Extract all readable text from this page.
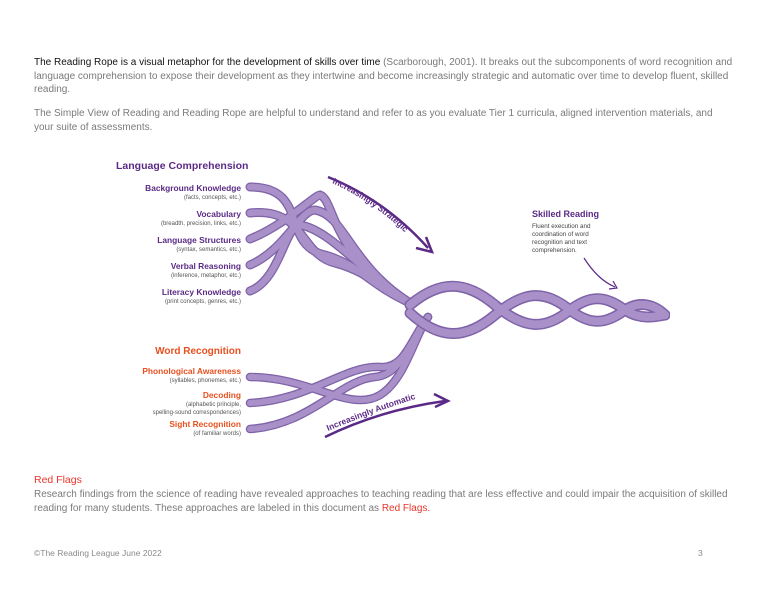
The Reading Rope is a visual metaphor for the development of skills over time (Scarborough, 2001). It breaks out the subcomponents of word recognition and language comprehension to expose their development as they intertwine and become increasingly strategic and automatic over time to develop fluent, skilled reading.

The Simple View of Reading and Reading Rope are helpful to understand and refer to as you evaluate Tier 1 curricula, aligned intervention materials, and your suite of assessments.

Language Comprehension
Background Knowledge
Vocabulary
Language Structures
Verbal Reasoning
Literacy Knowledge
(facts, concepts, etc.)
(breadth, precision, links, etc.)
(syntax, semantics, etc.)
(inference, metaphor, etc.)
(print concepts, genres, etc.)
Word Recognition
Phonological Awareness
Decoding
Sight Recognition
(syllables, phonemes, etc.)
(alphabetic principle,
spelling-sound correspondences)
(of familiar words)
Increasingly Strategic
Increasingly Automatic
Skilled Reading
Fluent execution and
coordination of word
recognition and text
comprehension.

Red Flags

Research findings from the science of reading have revealed approaches to teaching reading that are less effective and could impair the acquisition of skilled reading for many students. These approaches are labeled in this document as Red Flags.

©The Reading League June 2022	3
